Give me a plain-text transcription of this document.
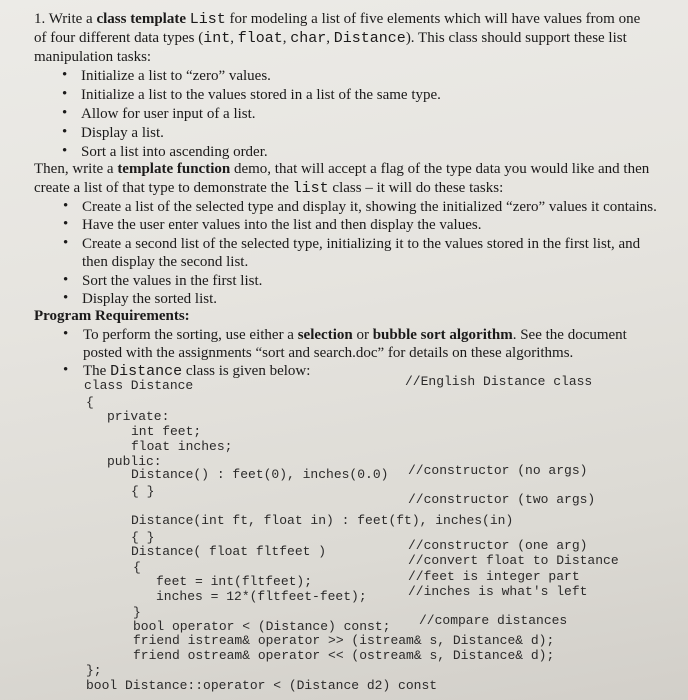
1. Write a class template List for modeling a list of five elements which will have values from one
of four different data types (int, float, char, Distance). This class should support these list
manipulation tasks:
• Initialize a list to “zero” values.
• Initialize a list to the values stored in a list of the same type.
• Allow for user input of a list.
• Display a list.
• Sort a list into ascending order.
Then, write a template function demo, that will accept a flag of the type data you would like and then
create a list of that type to demonstrate the list class – it will do these tasks:
• Create a list of the selected type and display it, showing the initialized “zero” values it contains.
• Have the user enter values into the list and then display the values.
• Create a second list of the selected type, initializing it to the values stored in the first list, and
then display the second list.
• Sort the values in the first list.
• Display the sorted list.
Program Requirements:
• To perform the sorting, use either a selection or bubble sort algorithm. See the document
posted with the assignments “sort and search.doc” for details on these algorithms.
• The Distance class is given below:
class Distance	//English Distance class
{
private:
int feet;
float inches;
public:
Distance() : feet(0), inches(0.0) //constructor (no args)
{ }
//constructor (two args)
Distance(int ft, float in) : feet(ft), inches(in)
{ }
Distance( float fltfeet )	//constructor (one arg)
{	//convert float to Distance
feet = int(fltfeet);	//feet is integer part
inches = 12*(fltfeet-feet);	//inches is what's left
}
bool operator < (Distance) const; //compare distances
friend istream& operator >> (istream& s, Distance& d);
friend ostream& operator << (ostream& s, Distance& d);
};
bool Distance::operator < (Distance d2) const
